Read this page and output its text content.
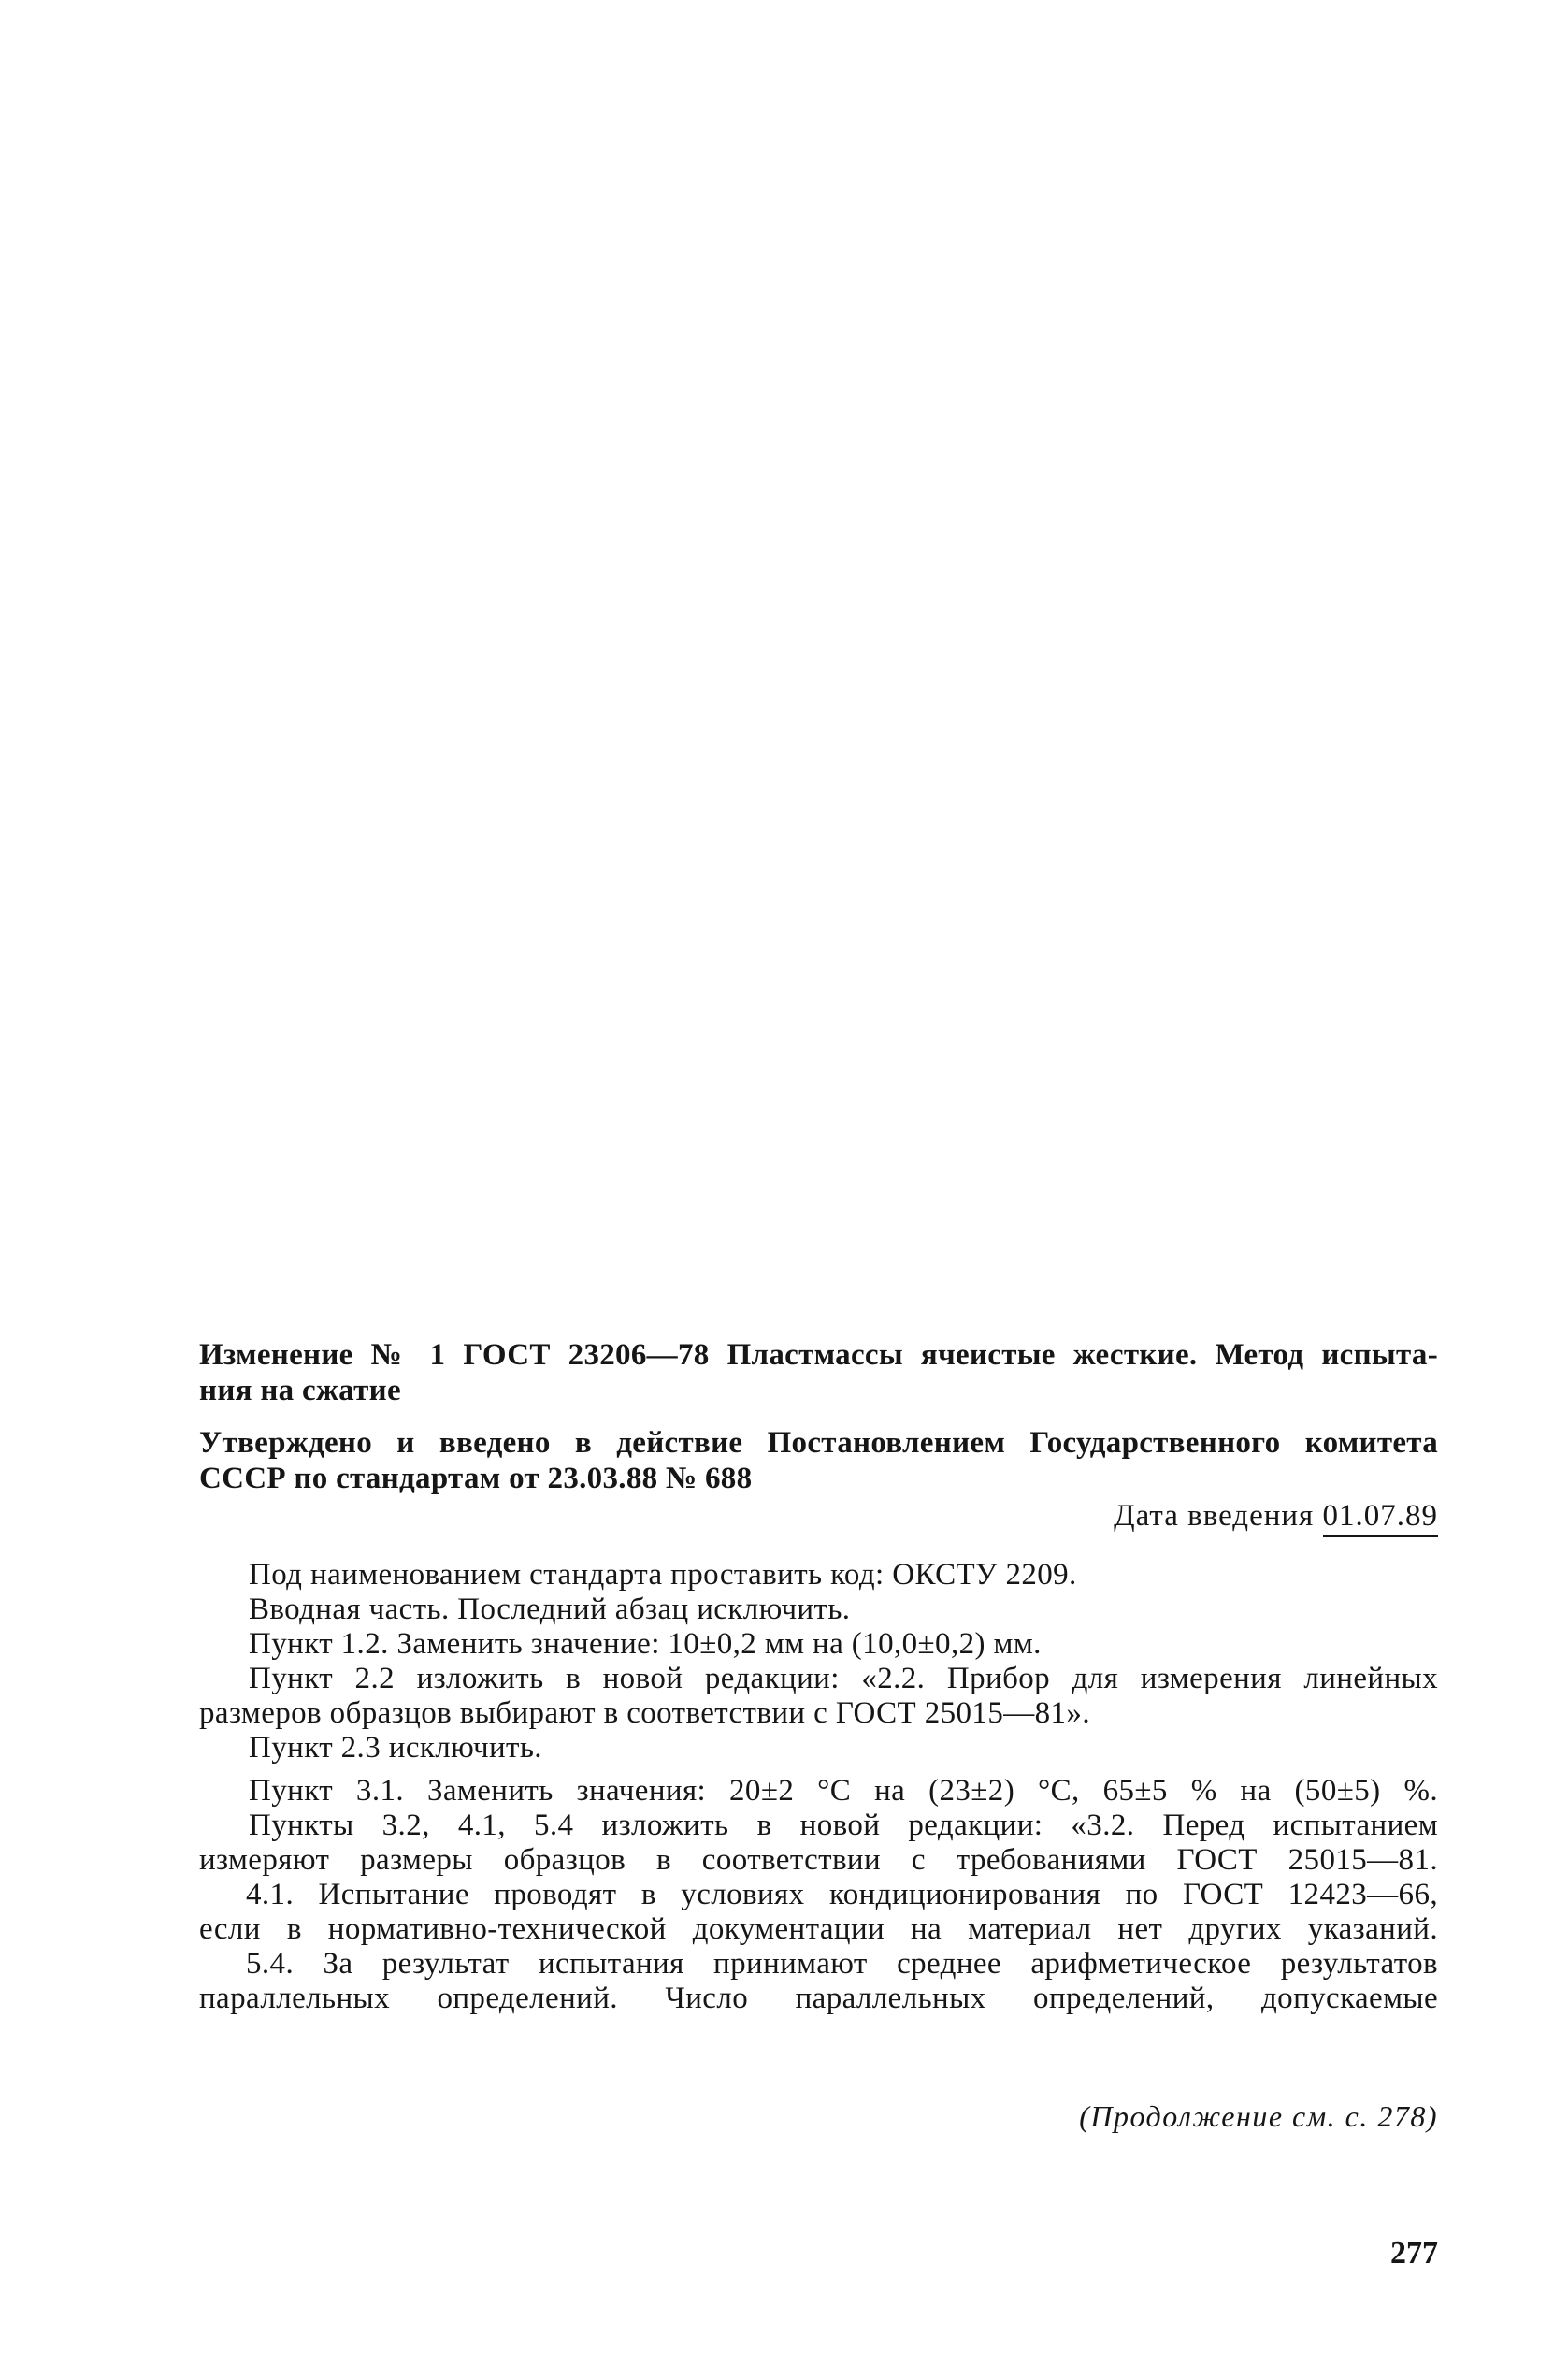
Изменение № 1 ГОСТ 23206—78 Пластмассы ячеистые жесткие. Метод испыта-
ния на сжатие
Утверждено и введено в действие Постановлением Государственного комитета
СССР по стандартам от 23.03.88 № 688
Дата введения 01.07.89
Под наименованием стандарта проставить код: ОКСТУ 2209.
Вводная часть. Последний абзац исключить.
Пункт 1.2. Заменить значение: 10±0,2 мм на (10,0±0,2) мм.
Пункт 2.2 изложить в новой редакции: «2.2. Прибор для измерения линейных
размеров образцов выбирают в соответствии с ГОСТ 25015—81».
Пункт 2.3 исключить.
Пункт 3.1. Заменить значения: 20±2 °С на (23±2) °С, 65±5 % на (50±5) %.
Пункты 3.2, 4.1, 5.4 изложить в новой редакции: «3.2. Перед испытанием
измеряют размеры образцов в соответствии с требованиями ГОСТ 25015—81.
4.1. Испытание проводят в условиях кондиционирования по ГОСТ 12423—66,
если в нормативно-технической документации на материал нет других указаний.
5.4. За результат испытания принимают среднее арифметическое результатов
параллельных определений. Число параллельных определений, допускаемые
(Продолжение см. с. 278)
277
